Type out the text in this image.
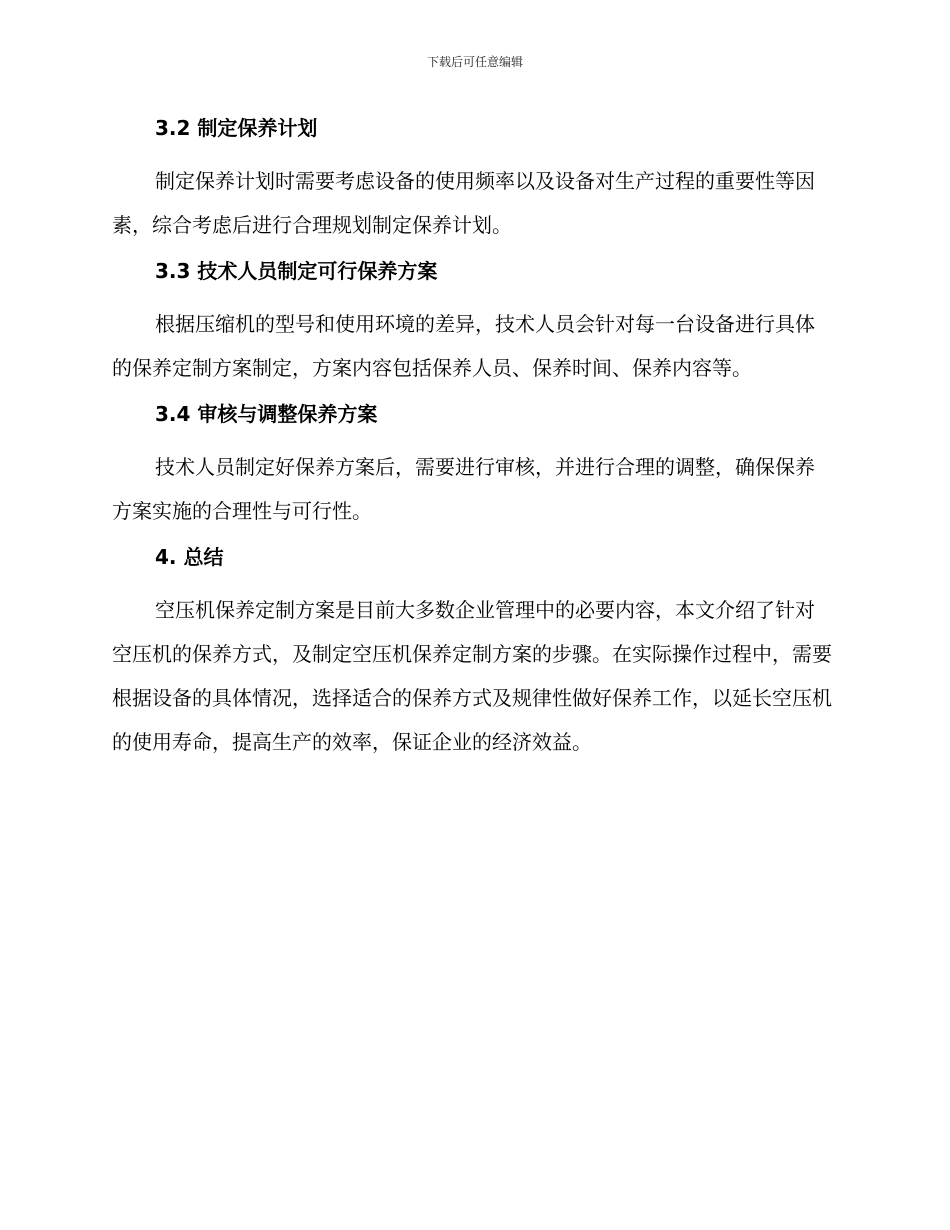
下载后可任意编辑
3.2 制定保养计划

制定保养计划时需要考虑设备的使用频率以及设备对生产过程的重要性等因素，综合考虑后进行合理规划制定保养计划。

3.3 技术人员制定可行保养方案

根据压缩机的型号和使用环境的差异，技术人员会针对每一台设备进行具体的保养定制方案制定，方案内容包括保养人员、保养时间、保养内容等。

3.4 审核与调整保养方案

技术人员制定好保养方案后，需要进行审核，并进行合理的调整，确保保养方案实施的合理性与可行性。

4. 总结

空压机保养定制方案是目前大多数企业管理中的必要内容，本文介绍了针对空压机的保养方式，及制定空压机保养定制方案的步骤。在实际操作过程中，需要根据设备的具体情况，选择适合的保养方式及规律性做好保养工作，以延长空压机的使用寿命，提高生产的效率，保证企业的经济效益。
